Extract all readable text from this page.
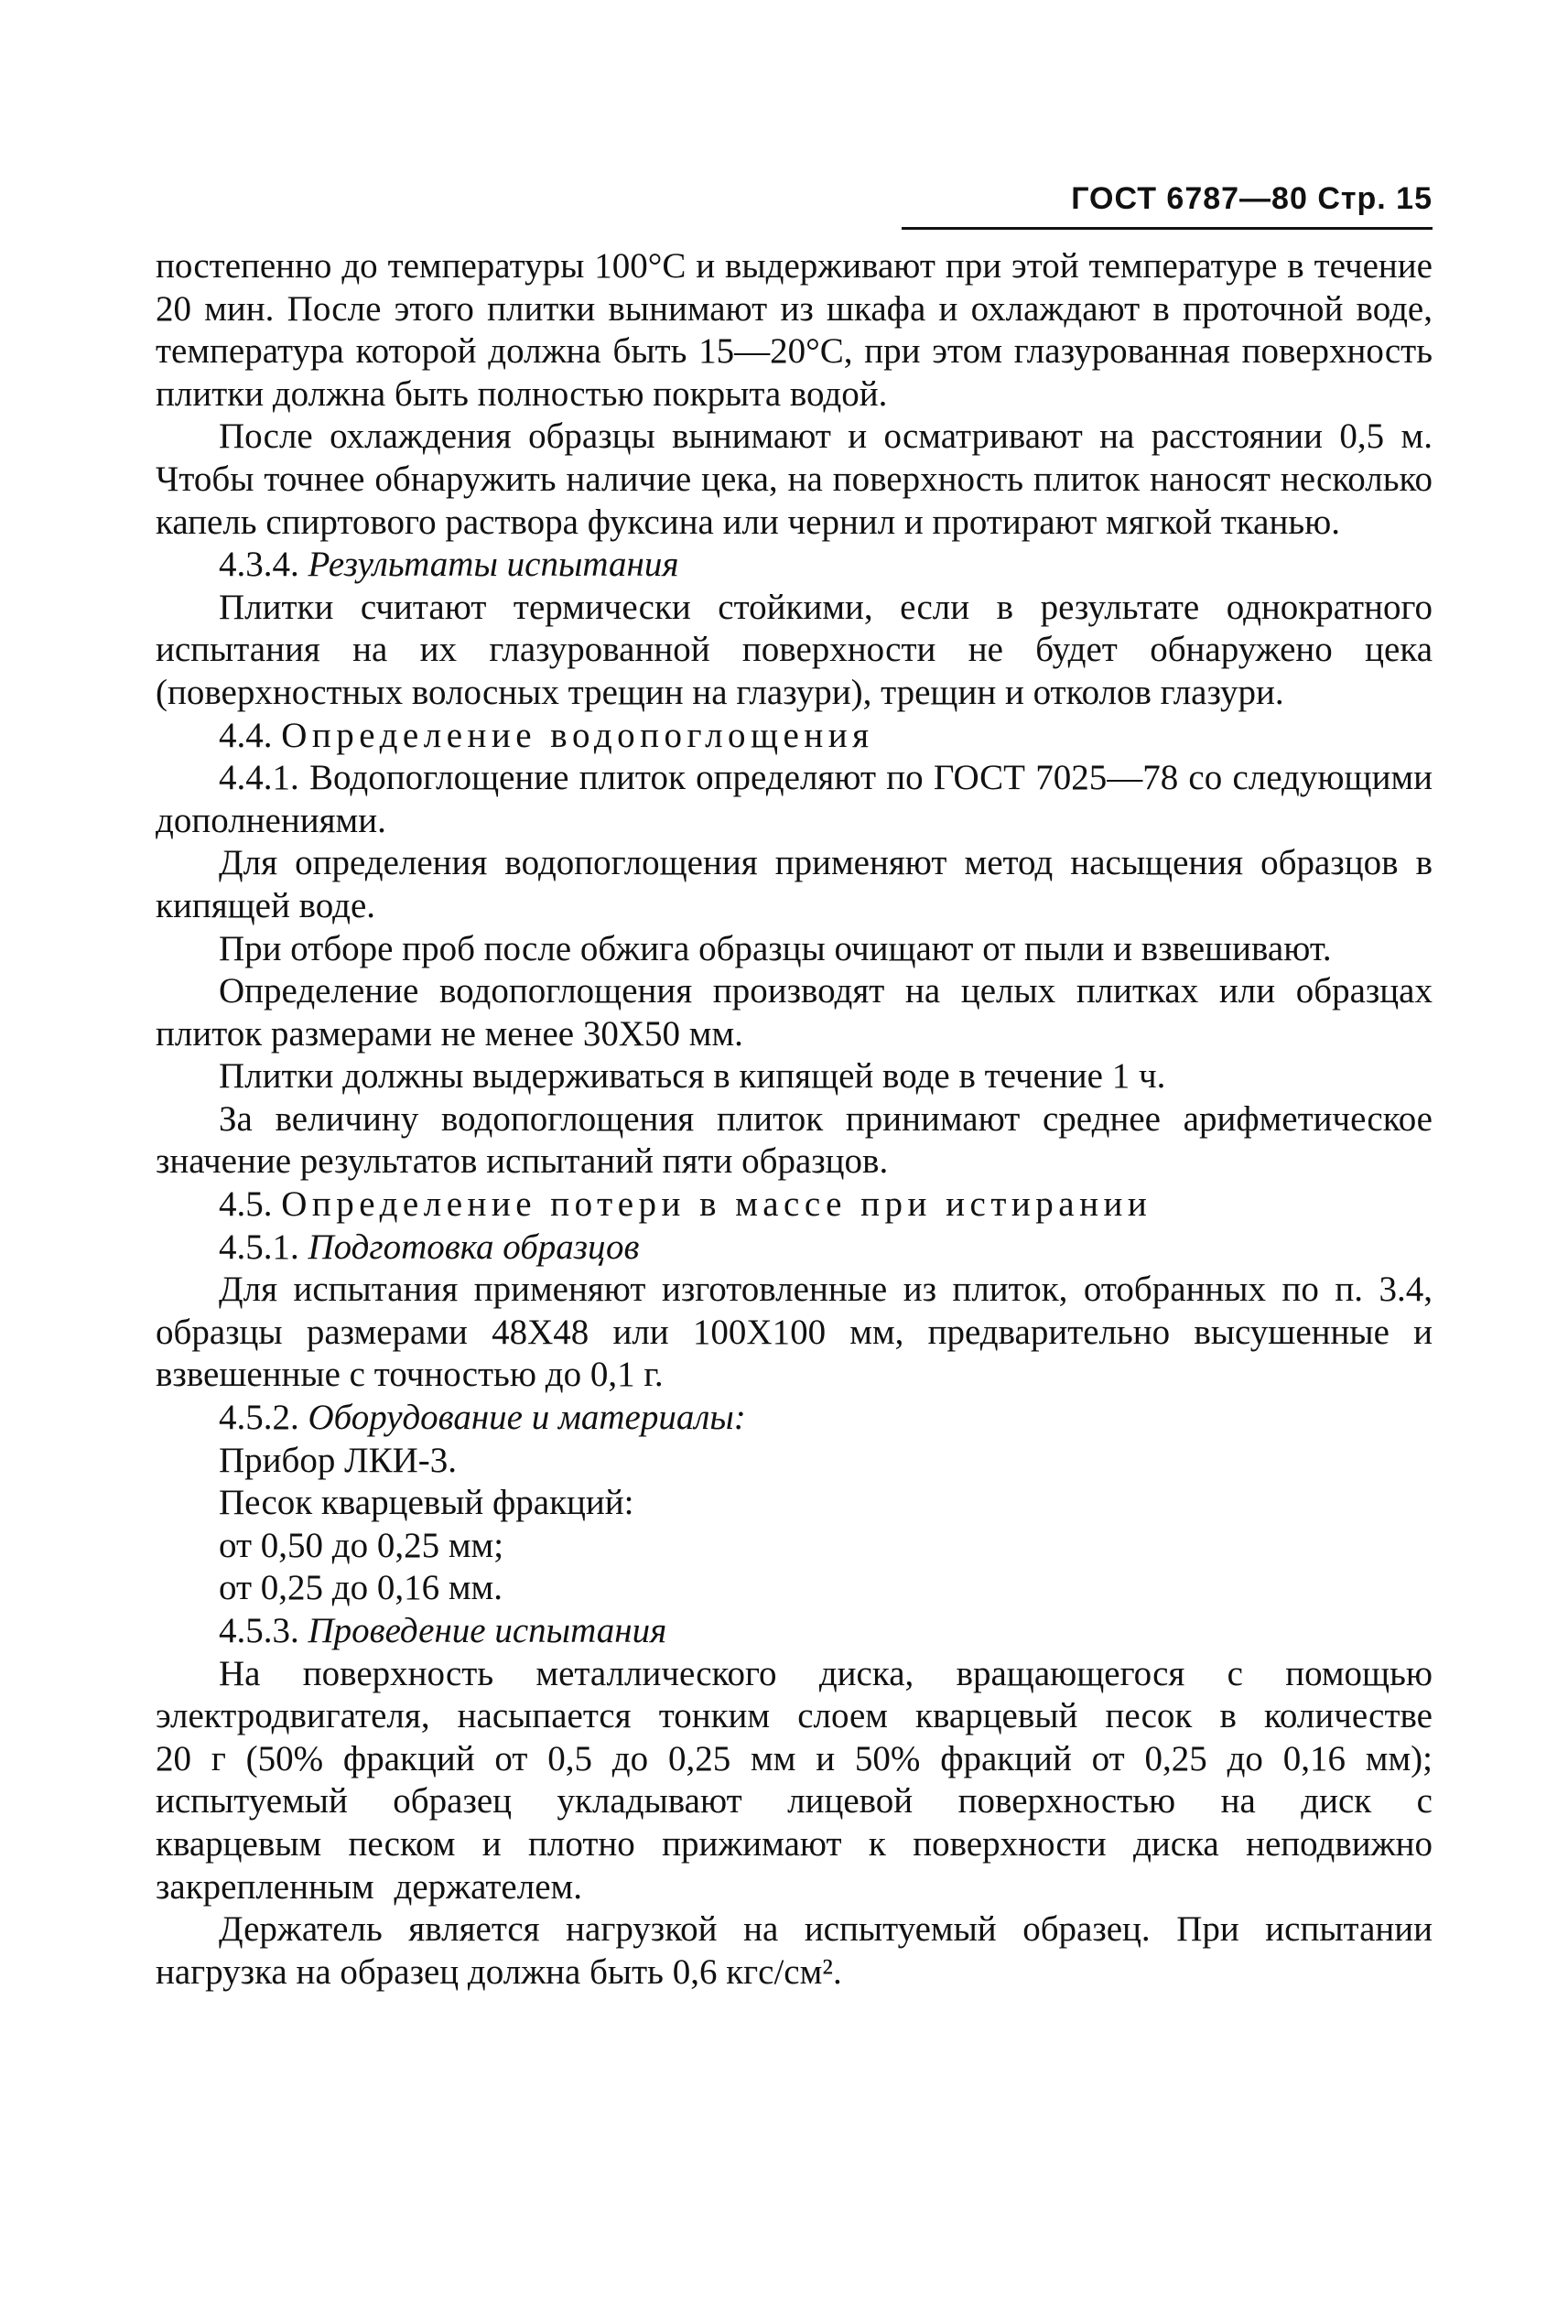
ГОСТ 6787—80 Стр. 15

постепенно до температуры 100°С и выдерживают при этой температуре в течение 20 мин. После этого плитки вынимают из шкафа и охлаждают в проточной воде, температура которой должна быть 15—20°С, при этом глазурованная поверхность плитки должна быть полностью покрыта водой.

После охлаждения образцы вынимают и осматривают на расстоянии 0,5 м. Чтобы точнее обнаружить наличие цека, на поверхность плиток наносят несколько капель спиртового раствора фуксина или чернил и протирают мягкой тканью.

4.3.4. Результаты испытания

Плитки считают термически стойкими, если в результате однократного испытания на их глазурованной поверхности не будет обнаружено цека (поверхностных волосных трещин на глазури), трещин и отколов глазури.

4.4. Определение водопоглощения

4.4.1. Водопоглощение плиток определяют по ГОСТ 7025—78 со следующими дополнениями.

Для определения водопоглощения применяют метод насыщения образцов в кипящей воде.

При отборе проб после обжига образцы очищают от пыли и взвешивают.

Определение водопоглощения производят на целых плитках или образцах плиток размерами не менее 30Х50 мм.

Плитки должны выдерживаться в кипящей воде в течение 1 ч.

За величину водопоглощения плиток принимают среднее арифметическое значение результатов испытаний пяти образцов.

4.5. Определение потери в массе при истирании

4.5.1. Подготовка образцов

Для испытания применяют изготовленные из плиток, отобранных по п. 3.4, образцы размерами 48Х48 или 100Х100 мм, предварительно высушенные и взвешенные с точностью до 0,1 г.

4.5.2. Оборудование и материалы:

Прибор ЛКИ-3.

Песок кварцевый фракций:

от 0,50 до 0,25 мм;

от 0,25 до 0,16 мм.

4.5.3. Проведение испытания

На поверхность металлического диска, вращающегося с помощью электродвигателя, насыпается тонким слоем кварцевый песок в количестве 20 г (50% фракций от 0,5 до 0,25 мм и 50% фракций от 0,25 до 0,16 мм); испытуемый образец укладывают лицевой поверхностью на диск с кварцевым песком и плотно прижимают к поверхности диска неподвижно закрепленным держателем.

Держатель является нагрузкой на испытуемый образец. При испытании нагрузка на образец должна быть 0,6 кгс/см².
